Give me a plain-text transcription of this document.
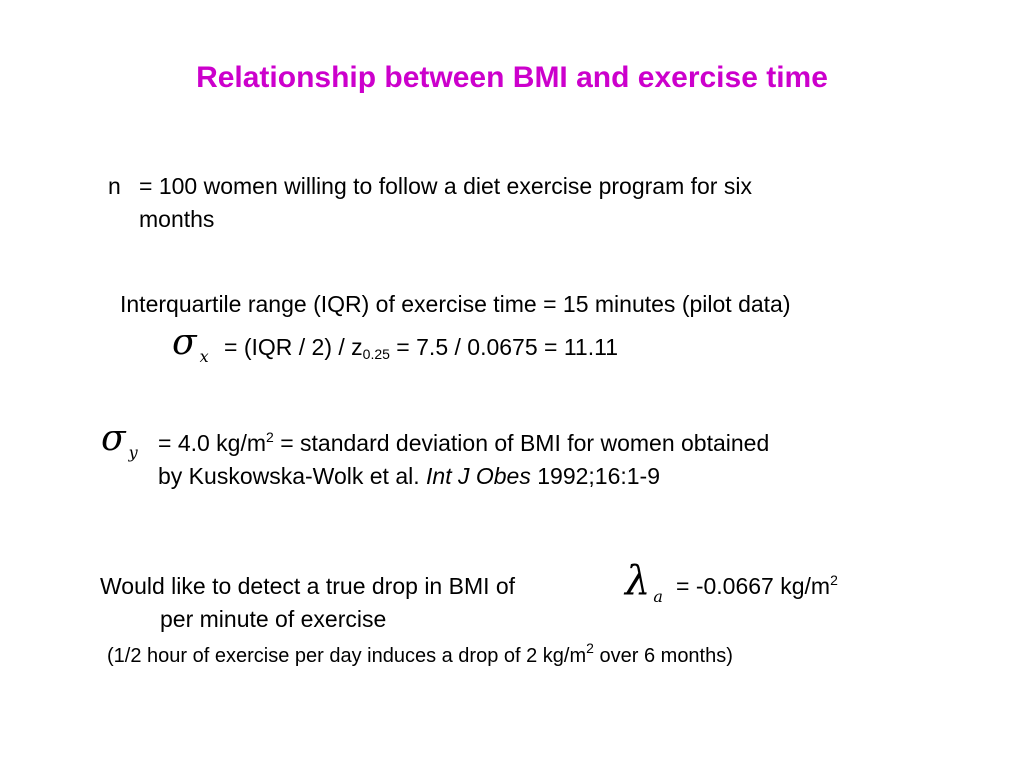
Relationship between BMI and exercise time
n = 100 women willing to follow a diet exercise program for six
months
Interquartile range (IQR) of exercise time = 15 minutes (pilot data)
σ $_x = (IQR / 2) / z_{0.25} = 7.5 / 0.0675 = 11.11$
σ $_y$ = 4.0 $kg/m^2$ = standard deviation of BMI for women obtained
by Kuskowska-Wolk et al. Int J Obes 1992;16:1-9
Would like to detect a true drop in BMI of	λ $_a$ = -0.0667 $kg/m^2$
per minute of exercise
(1/2 hour of exercise per day induces a drop of 2 $kg/m^2$ over 6 months)
